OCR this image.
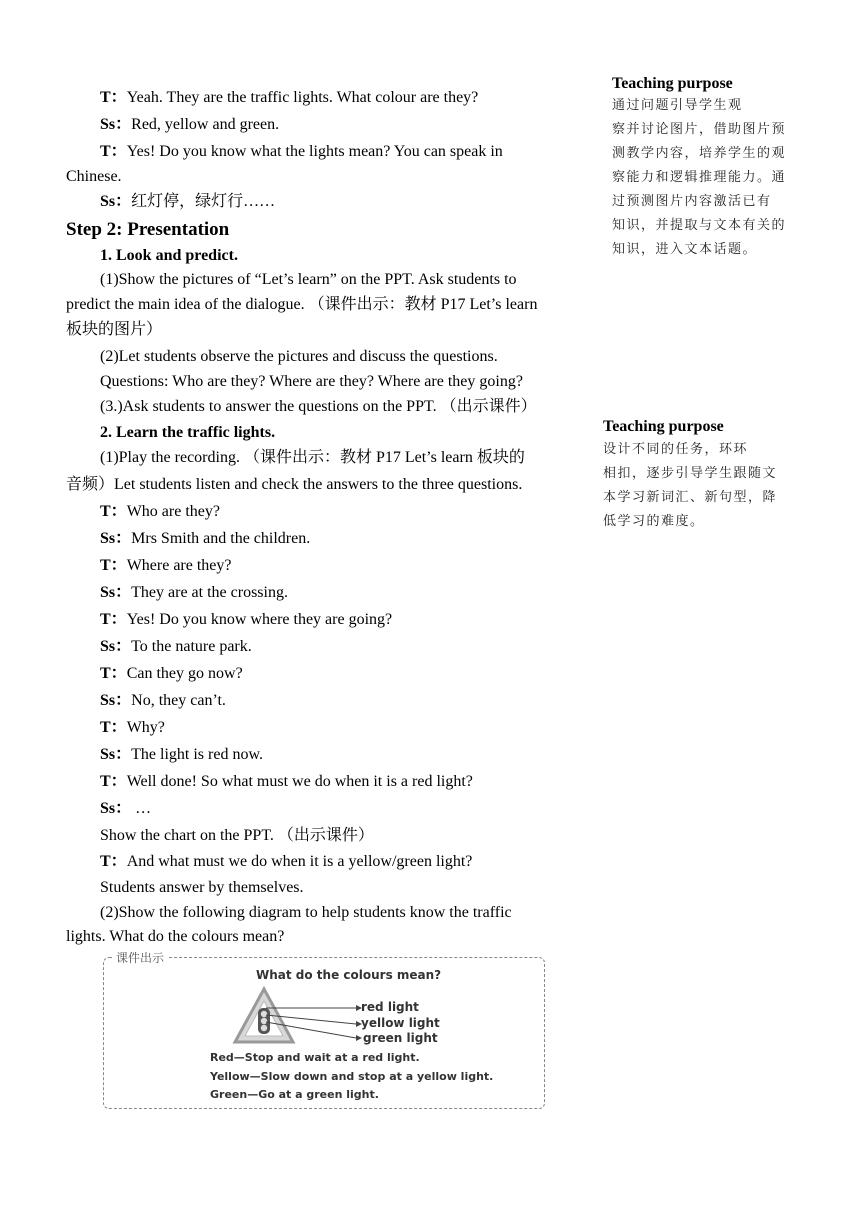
T：Yeah. They are the traffic lights. What colour are they?
Ss：Red, yellow and green.
T：Yes! Do you know what the lights mean? You can speak in
Chinese.
Ss：红灯停，绿灯行……
Step 2: Presentation
1. Look and predict.
(1)Show the pictures of “Let’s learn” on the PPT. Ask students to
predict the main idea of the dialogue. （课件出示：教材 P17 Let’s learn
板块的图片）
(2)Let students observe the pictures and discuss the questions.
Questions: Who are they? Where are they? Where are they going?
(3.)Ask students to answer the questions on the PPT. （出示课件）
2. Learn the traffic lights.
(1)Play the recording. （课件出示：教材 P17 Let’s learn 板块的
音频）Let students listen and check the answers to the three questions.
T：Who are they?
Ss：Mrs Smith and the children.
T：Where are they?
Ss：They are at the crossing.
T：Yes! Do you know where they are going?
Ss：To the nature park.
T：Can they go now?
Ss：No, they can’t.
T：Why?
Ss：The light is red now.
T：Well done! So what must we do when it is a red light?
Ss： …
Show the chart on the PPT. （出示课件）
T：And what must we do when it is a yellow/green light?
Students answer by themselves.
(2)Show the following diagram to help students know the traffic
lights. What do the colours mean?
课件出示
What do the colours mean?
red light
yellow light
green light
Red—Stop and wait at a red light.
Yellow—Slow down and stop at a yellow light.
Green—Go at a green light.
Teaching purpose
通过问题引导学生观
察并讨论图片，借助图片预
测教学内容，培养学生的观
察能力和逻辑推理能力。通
过预测图片内容激活已有
知识，并提取与文本有关的
知识，进入文本话题。
Teaching purpose
设计不同的任务，环环
相扣，逐步引导学生跟随文
本学习新词汇、新句型，降
低学习的难度。
